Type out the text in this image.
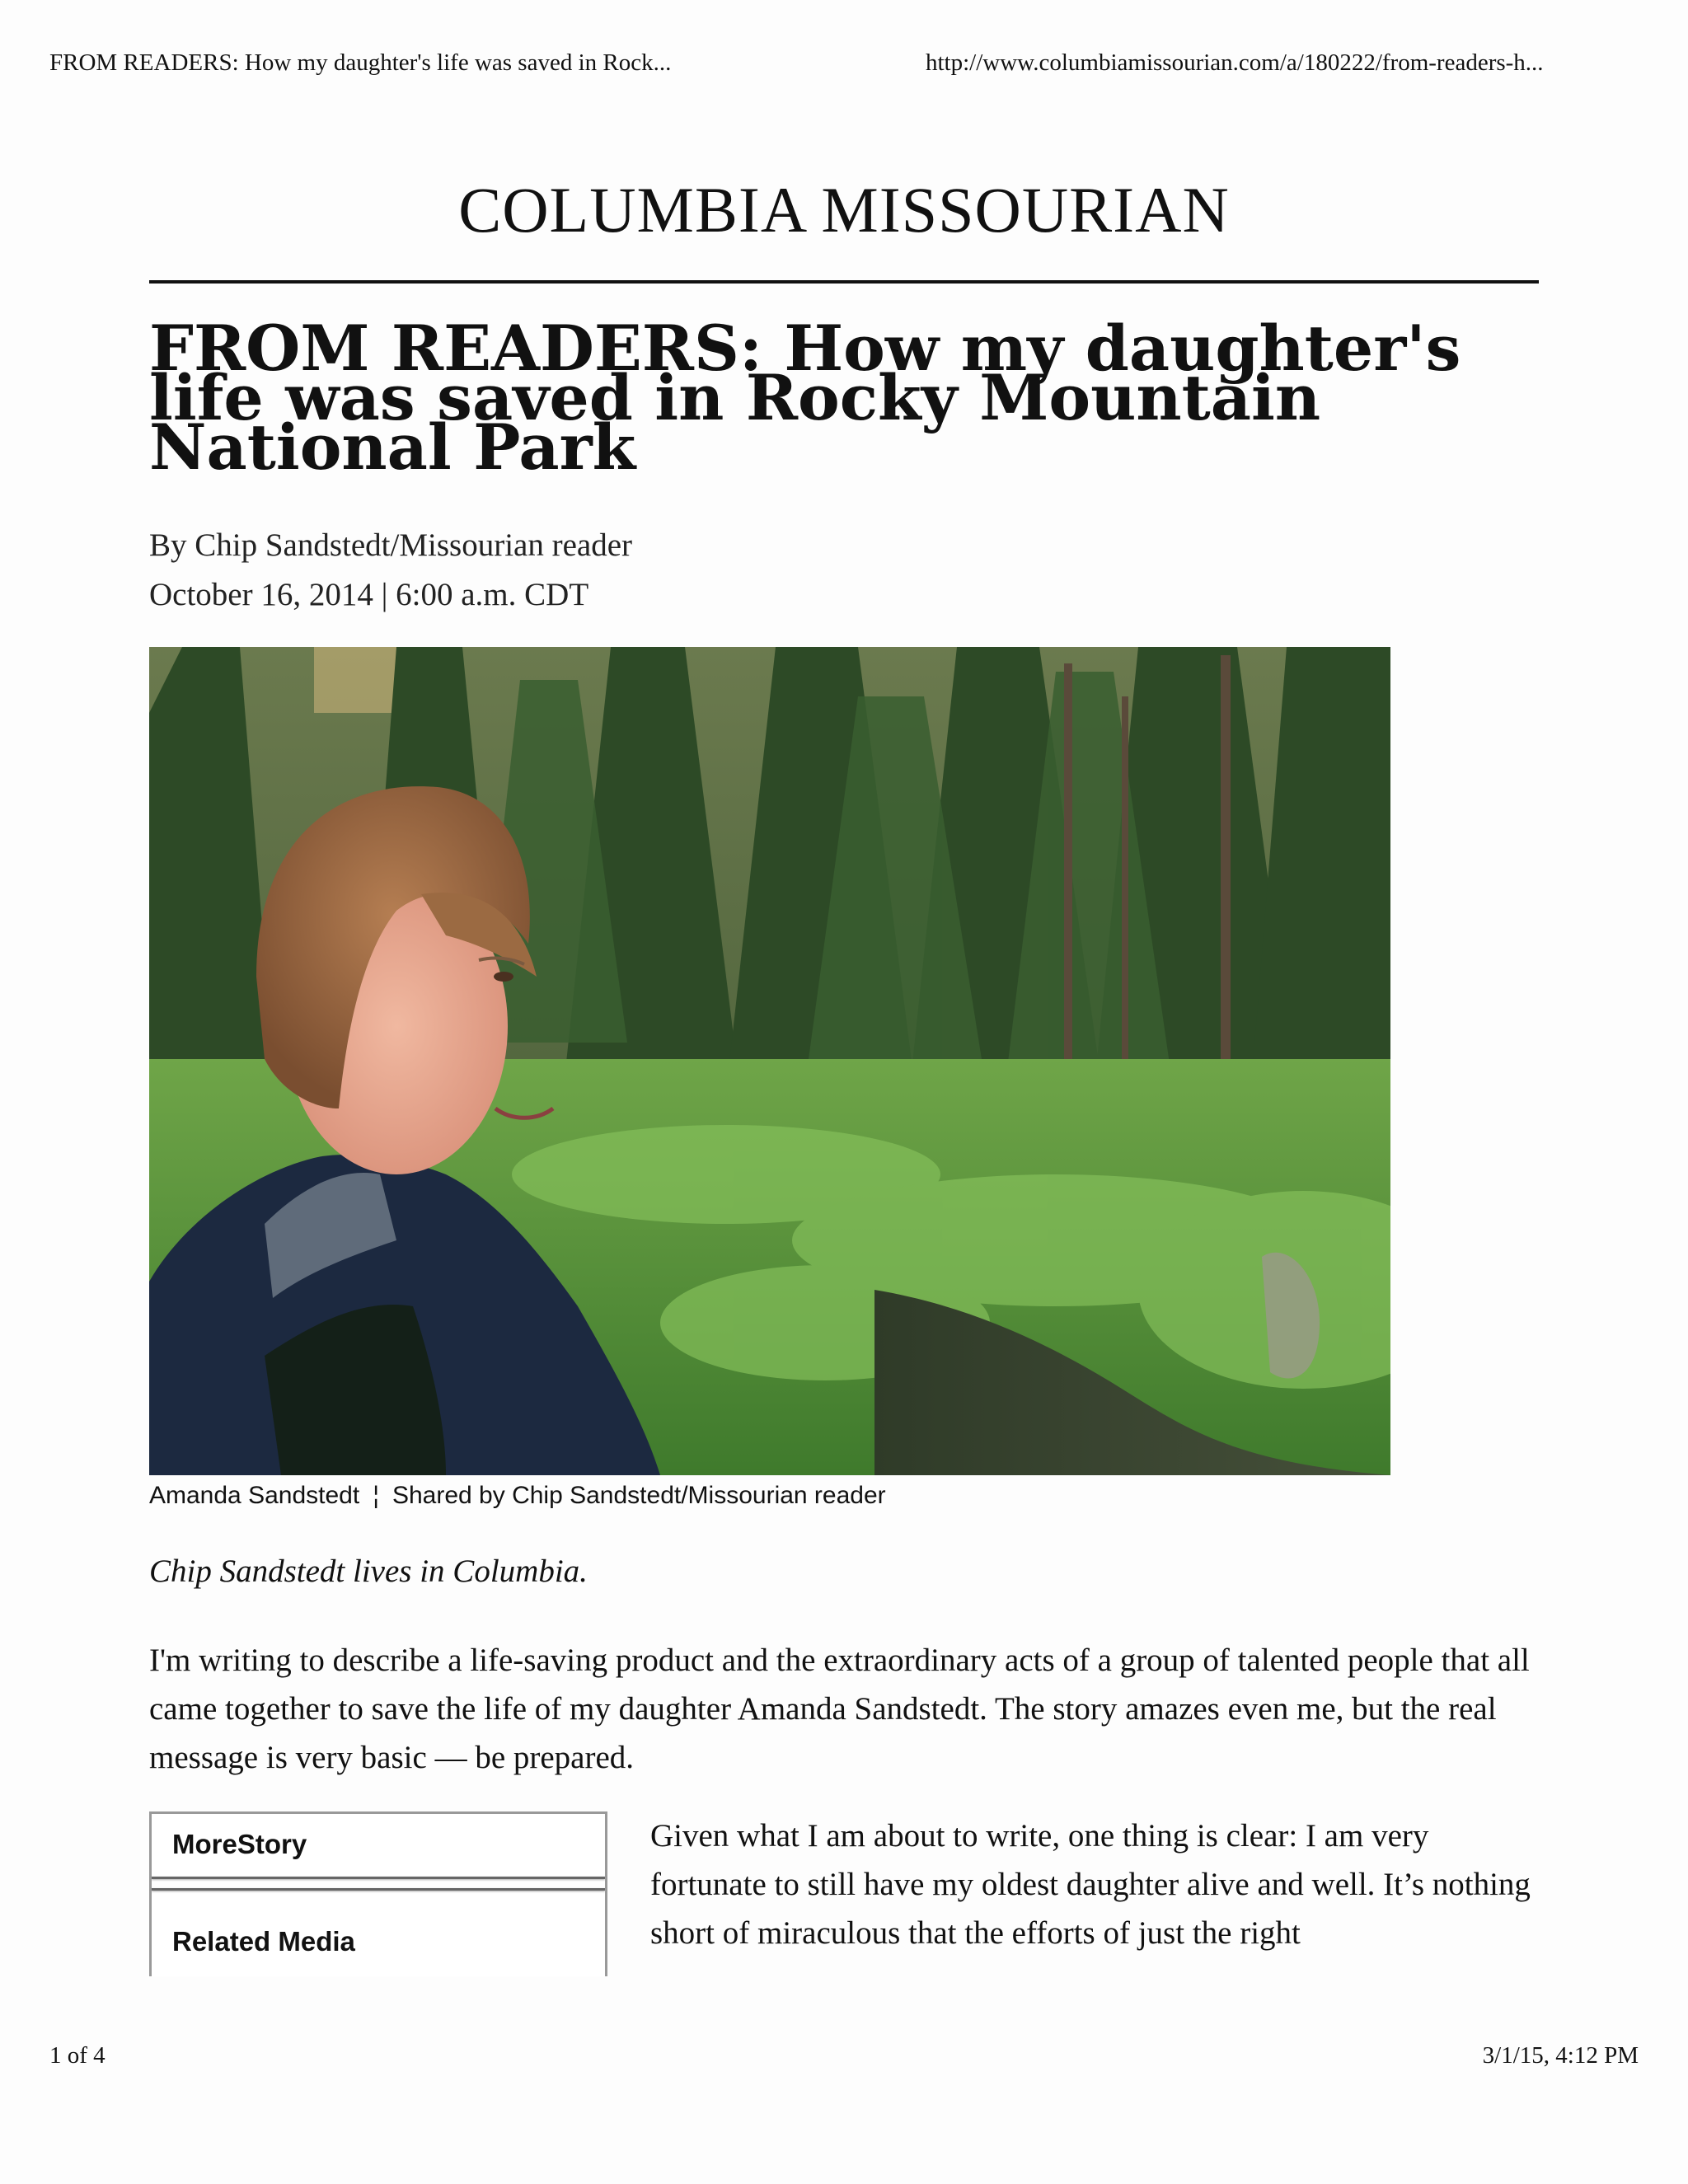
FROM READERS: How my daughter's life was saved in Rock...	http://www.columbiamissourian.com/a/180222/from-readers-h...
COLUMBIA MISSOURIAN
FROM READERS: How my daughter's life was saved in Rocky Mountain National Park
By Chip Sandstedt/Missourian reader
October 16, 2014 | 6:00 a.m. CDT
Amanda Sandstedt ¦ Shared by Chip Sandstedt/Missourian reader
Chip Sandstedt lives in Columbia.

I'm writing to describe a life-saving product and the extraordinary acts of a group of talented people that all came together to save the life of my daughter Amanda Sandstedt. The story amazes even me, but the real message is very basic — be prepared.

MoreStory
Related Media

Given what I am about to write, one thing is clear: I am very fortunate to still have my oldest daughter alive and well. It’s nothing short of miraculous that the efforts of just the right

1 of 4	3/1/15, 4:12 PM
